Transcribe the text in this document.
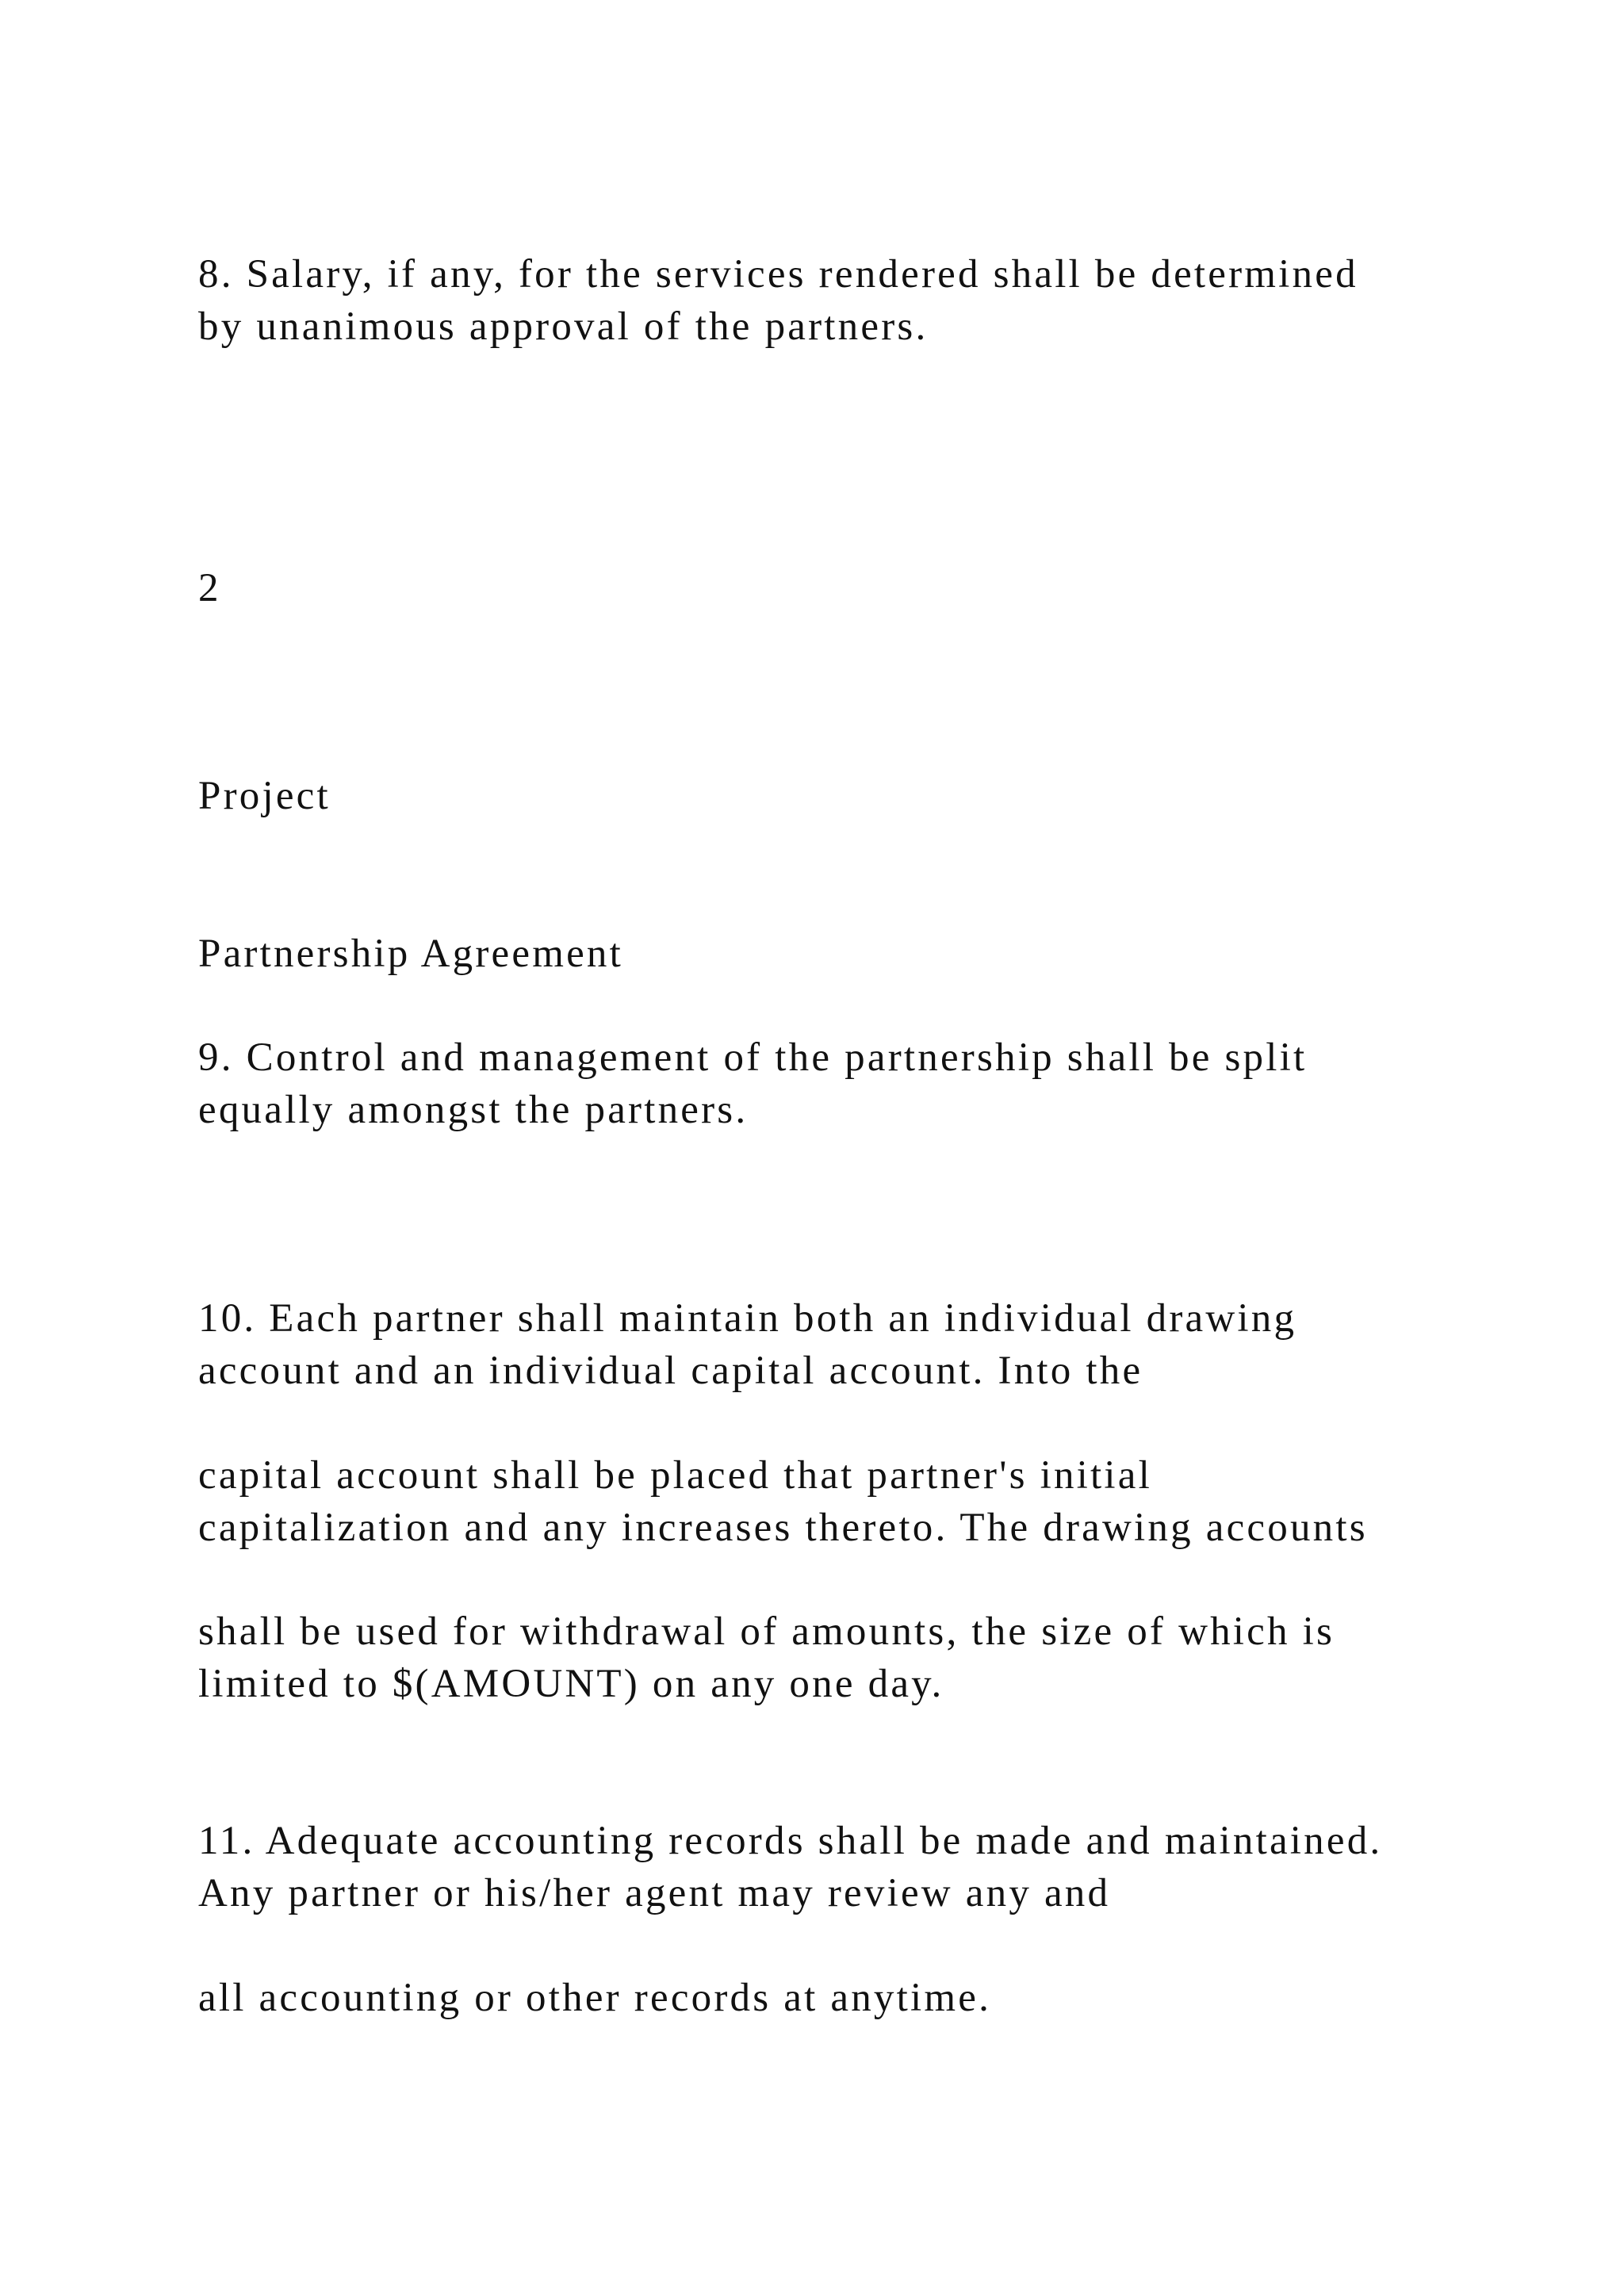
8. Salary, if any, for the services rendered shall be determined

by unanimous approval of the partners.

2

Project

Partnership Agreement

9. Control and management of the partnership shall be split

equally amongst the partners.

10. Each partner shall maintain both an individual drawing

account and an individual capital account. Into the

capital account shall be placed that partner's initial

capitalization and any increases thereto. The drawing accounts

shall be used for withdrawal of amounts, the size of which is

limited to $(AMOUNT) on any one day.

11. Adequate accounting records shall be made and maintained.

Any partner or his/her agent may review any and

all accounting or other records at anytime.
